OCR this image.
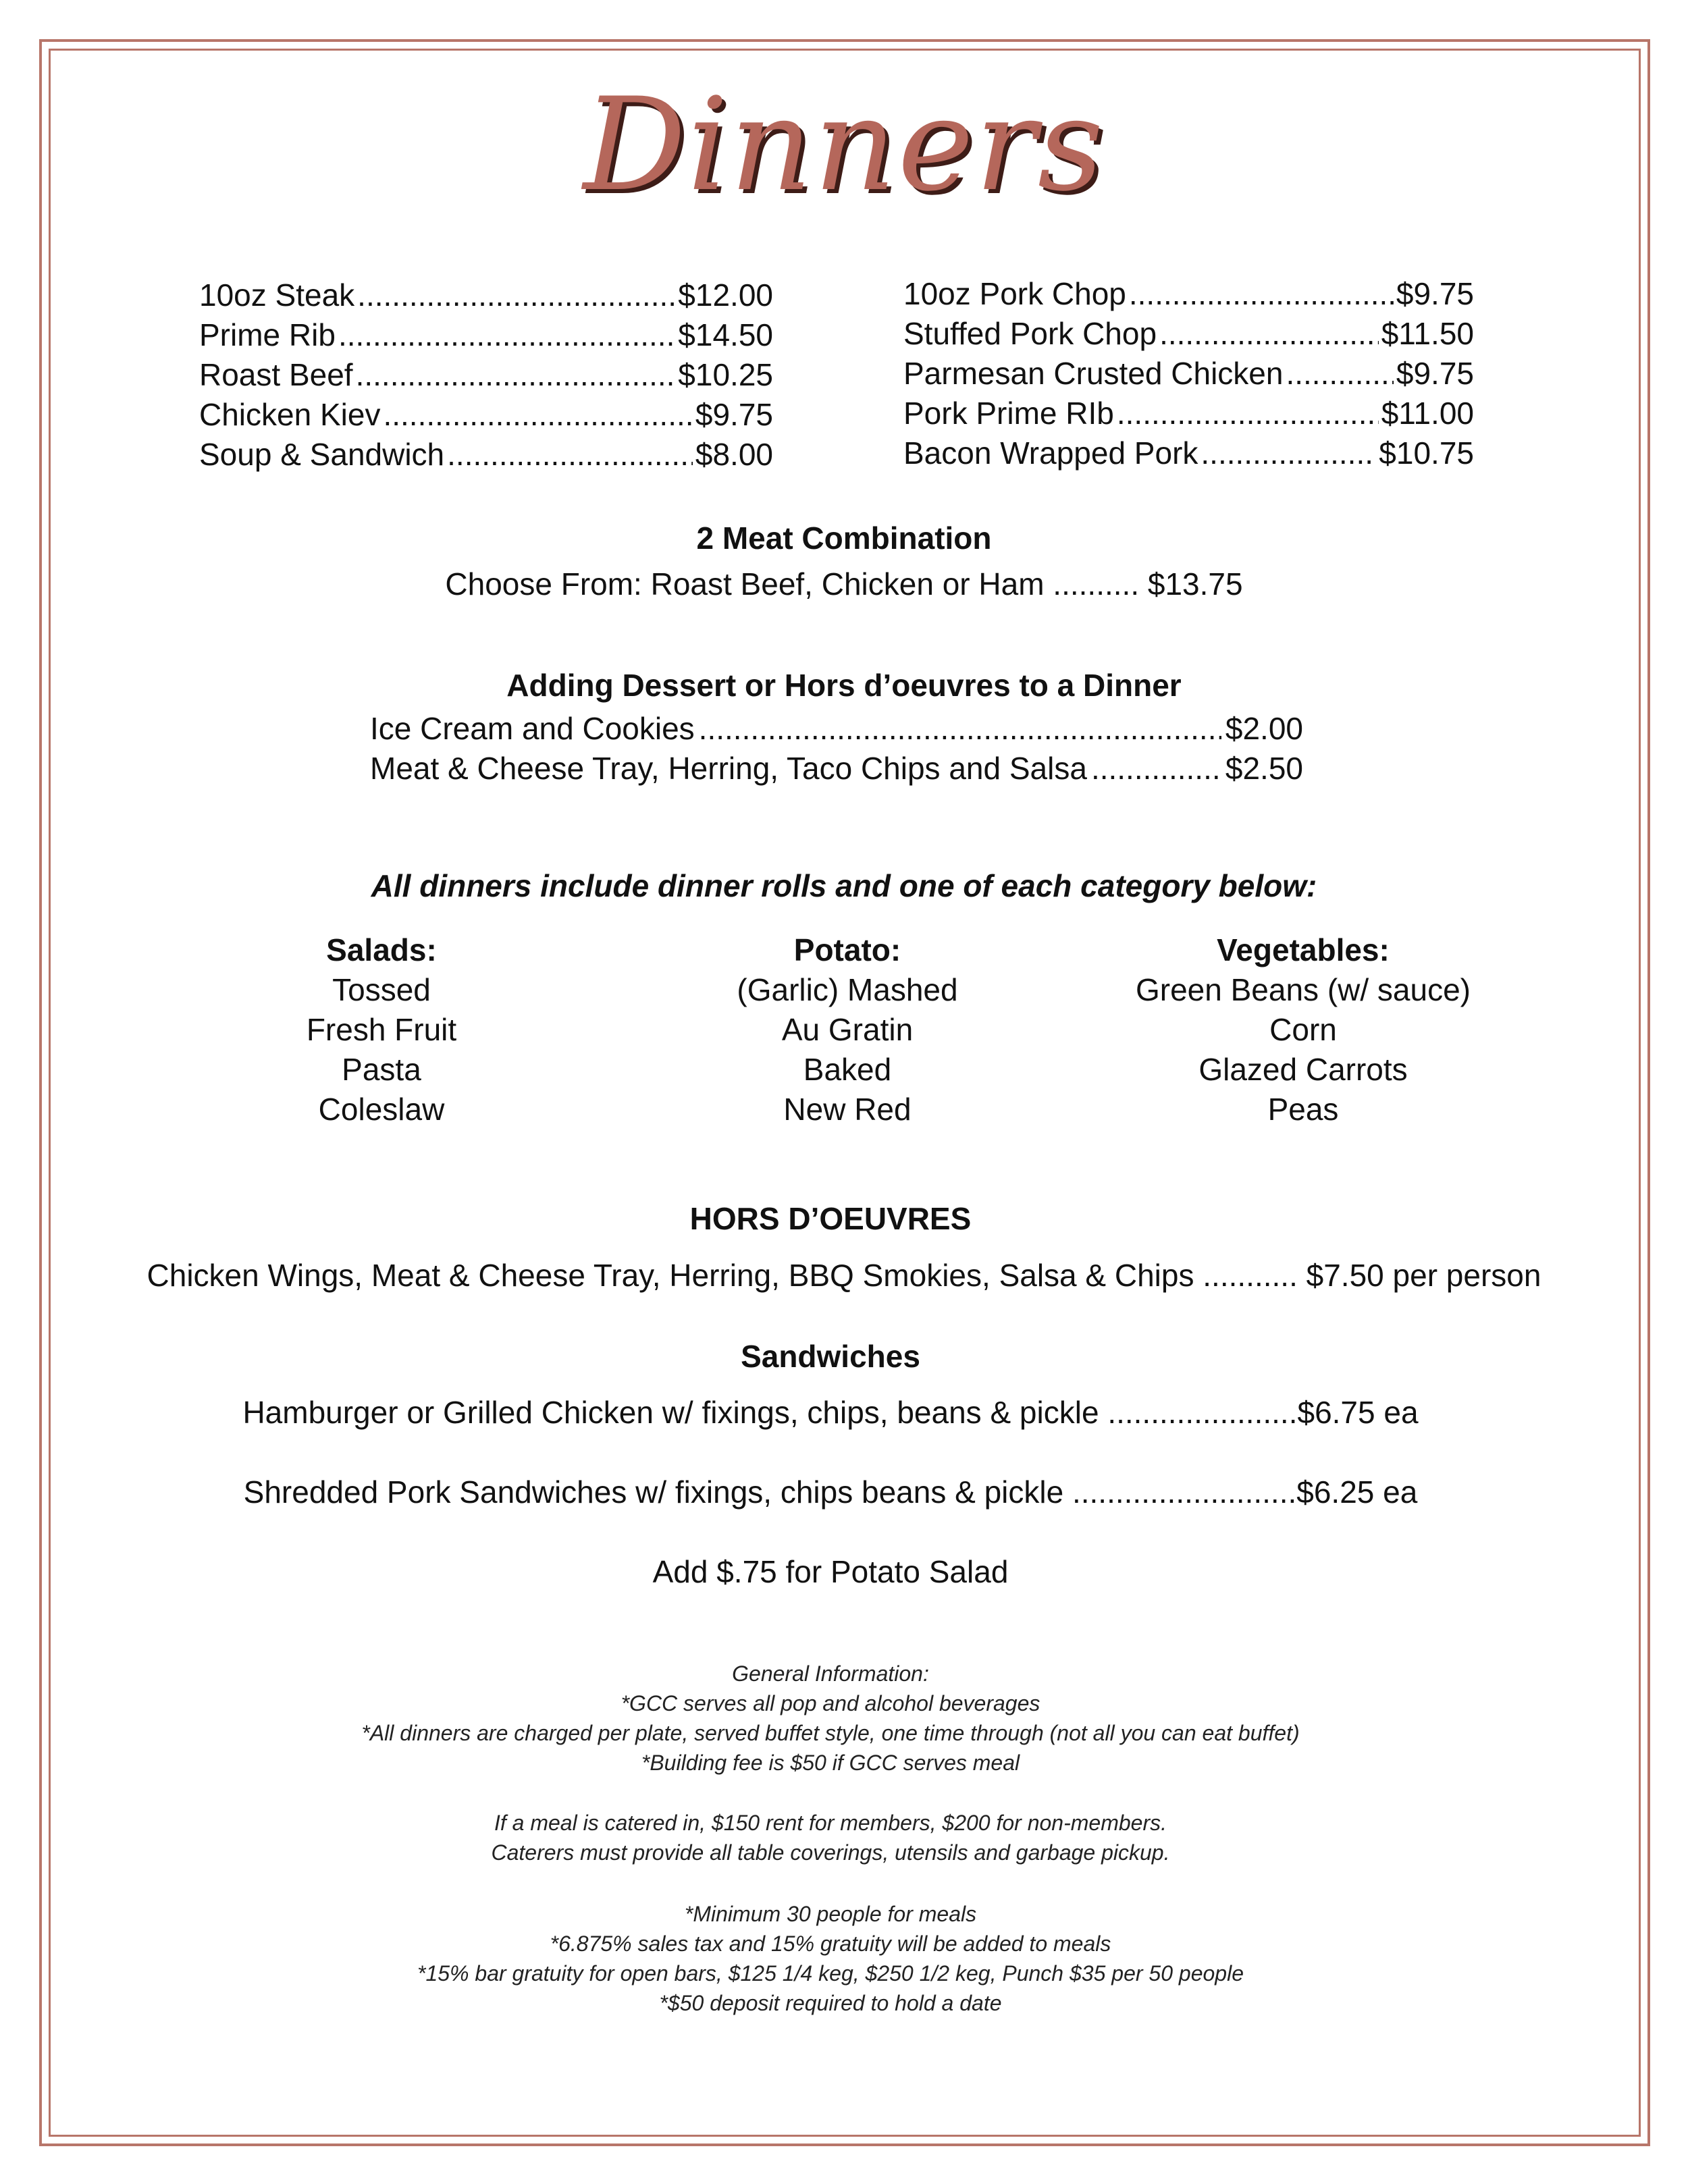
Dinners
10oz Steak .....	$12.00
Prime Rib .....	$14.50
Roast Beef .....	$10.25
Chicken Kiev .....	$9.75
Soup & Sandwich .....	$8.00
10oz Pork Chop .....	$9.75
Stuffed Pork Chop .....	$11.50
Parmesan Crusted Chicken .....	$9.75
Pork Prime RIb .....	$11.00
Bacon Wrapped Pork .....	$10.75
2 Meat Combination
Choose From: Roast Beef, Chicken or Ham .......... $13.75
Adding Dessert or Hors d’oeuvres to a Dinner
Ice Cream and Cookies .....	$2.00
Meat & Cheese Tray, Herring, Taco Chips and Salsa .....	$2.50
All dinners include dinner rolls and one of each category below:
Salads:
Tossed
Fresh Fruit
Pasta
Coleslaw
Potato:
(Garlic) Mashed
Au Gratin
Baked
New Red
Vegetables:
Green Beans (w/ sauce)
Corn
Glazed Carrots
Peas
HORS D’OEUVRES
Chicken Wings, Meat & Cheese Tray, Herring, BBQ Smokies, Salsa & Chips ........... $7.50 per person
Sandwiches
Hamburger or Grilled Chicken w/ fixings, chips, beans & pickle ......................$6.75 ea
Shredded Pork Sandwiches w/ fixings, chips beans & pickle ..........................$6.25 ea
Add $.75 for Potato Salad
General Information:
*GCC serves all pop and alcohol beverages
*All dinners are charged per plate, served buffet style, one time through (not all you can eat buffet)
*Building fee is $50 if GCC serves meal
If a meal is catered in, $150 rent for members, $200 for non-members.
Caterers must provide all table coverings, utensils and garbage pickup.
*Minimum 30 people for meals
*6.875% sales tax and 15% gratuity will be added to meals
*15% bar gratuity for open bars, $125 1/4 keg, $250 1/2 keg, Punch $35 per 50 people
*$50 deposit required to hold a date
